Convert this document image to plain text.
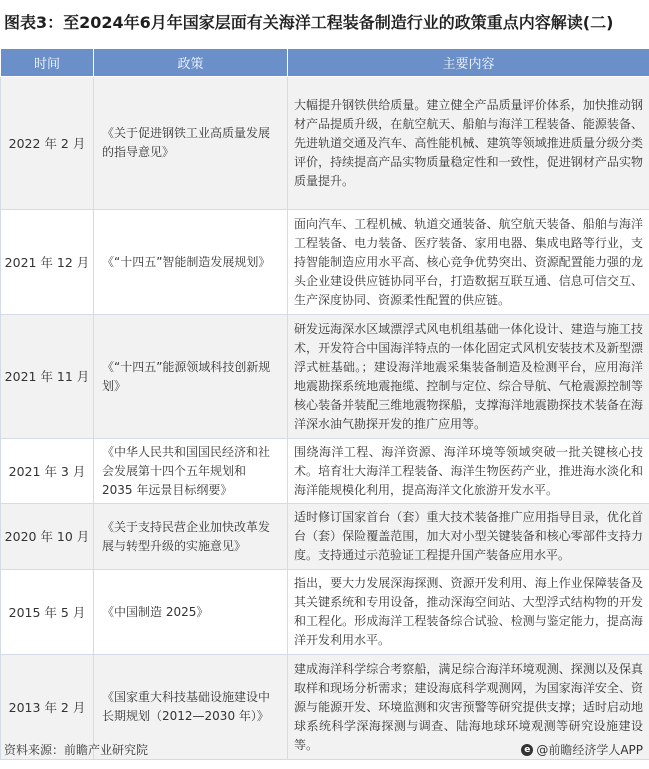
图表3：至2024年6月年国家层面有关海洋工程装备制造行业的政策重点内容解读(二)
时间	政策	主要内容
2022 年 2 月	《关于促进钢铁工业高质量发展的指导意见》	大幅提升钢铁供给质量。建立健全产品质量评价体系，加快推动钢材产品提质升级，在航空航天、船舶与海洋工程装备、能源装备、先进轨道交通及汽车、高性能机械、建筑等领域推进质量分级分类评价，持续提高产品实物质量稳定性和一致性，促进钢材产品实物质量提升。
2021 年 12 月	《“十四五”智能制造发展规划》	面向汽车、工程机械、轨道交通装备、航空航天装备、船舶与海洋工程装备、电力装备、医疗装备、家用电器、集成电路等行业，支持智能制造应用水平高、核心竞争优势突出、资源配置能力强的龙头企业建设供应链协同平台，打造数据互联互通、信息可信交互、生产深度协同、资源柔性配置的供应链。
2021 年 11 月	《“十四五”能源领域科技创新规划》	研发远海深水区域漂浮式风电机组基础一体化设计、建造与施工技术，开发符合中国海洋特点的一体化固定式风机安装技术及新型漂浮式桩基础。；建设海洋地震采集装备制造及检测平台，应用海洋地震勘探系统地震拖缆、控制与定位、综合导航、气枪震源控制等核心装备并装配三维地震物探船，支撑海洋地震勘探技术装备在海洋深水油气勘探开发的推广应用等。
2021 年 3 月	《中华人民共和国国民经济和社会发展第十四个五年规划和 2035 年远景目标纲要》	围绕海洋工程、海洋资源、海洋环境等领域突破一批关键核心技术。培育壮大海洋工程装备、海洋生物医药产业，推进海水淡化和海洋能规模化利用，提高海洋文化旅游开发水平。
2020 年 10 月	《关于支持民营企业加快改革发展与转型升级的实施意见》	适时修订国家首台（套）重大技术装备推广应用指导目录，优化首台（套）保险覆盖范围，加大对小型关键装备和核心零部件支持力度。支持通过示范验证工程提升国产装备应用水平。
2015 年 5 月	《中国制造 2025》	指出，要大力发展深海探测、资源开发利用、海上作业保障装备及其关键系统和专用设备，推动深海空间站、大型浮式结构物的开发和工程化。形成海洋工程装备综合试验、检测与鉴定能力，提高海洋开发利用水平。
2013 年 2 月	《国家重大科技基础设施建设中长期规划（2012—2030 年）》	建成海洋科学综合考察船，满足综合海洋环境观测、探测以及保真取样和现场分析需求；建设海底科学观测网，为国家海洋安全、资源与能源开发、环境监测和灾害预警等研究提供支撑；适时启动地球系统科学深海探测与调查、陆海地球环境观测等研究设施建设等。
资料来源：前瞻产业研究院	e @前瞻经济学人APP
